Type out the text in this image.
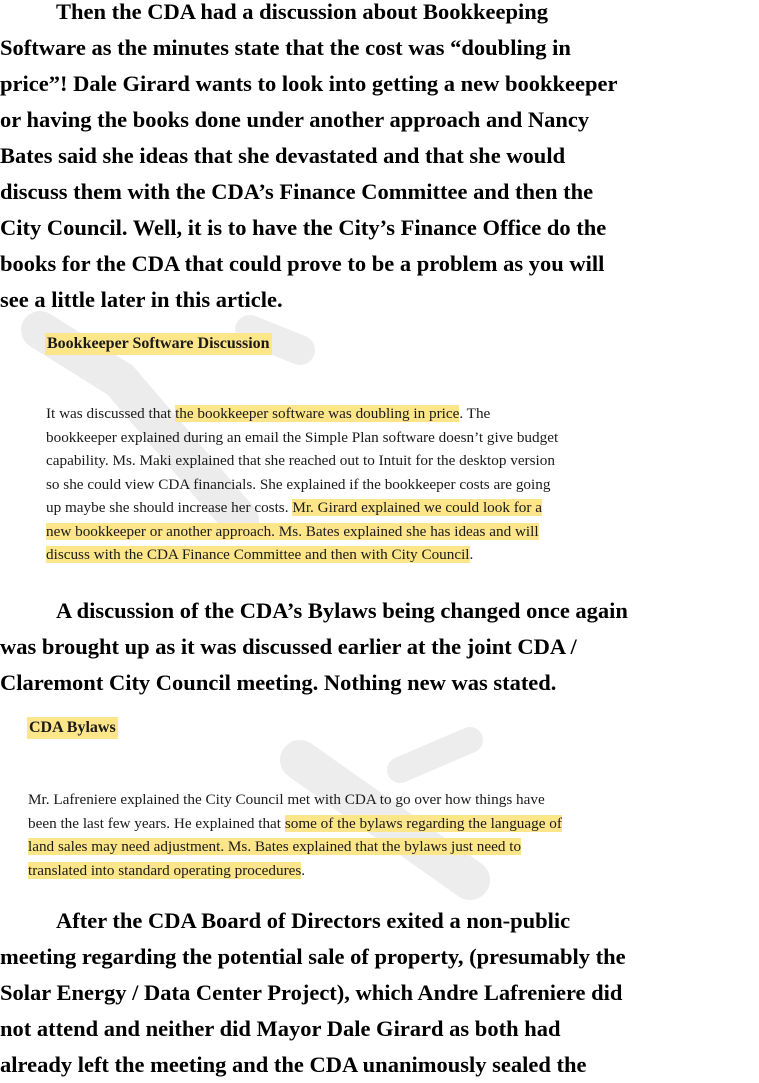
Then the CDA had a discussion about Bookkeeping
Software as the minutes state that the cost was “doubling in
price”! Dale Girard wants to look into getting a new bookkeeper
or having the books done under another approach and Nancy
Bates said she ideas that she devastated and that she would
discuss them with the CDA’s Finance Committee and then the
City Council. Well, it is to have the City’s Finance Office do the
books for the CDA that could prove to be a problem as you will
see a little later in this article.
Bookkeeper Software Discussion
It was discussed that the bookkeeper software was doubling in price. The
bookkeeper explained during an email the Simple Plan software doesn’t give budget
capability. Ms. Maki explained that she reached out to Intuit for the desktop version
so she could view CDA financials. She explained if the bookkeeper costs are going
up maybe she should increase her costs. Mr. Girard explained we could look for a
new bookkeeper or another approach. Ms. Bates explained she has ideas and will
discuss with the CDA Finance Committee and then with City Council.
A discussion of the CDA’s Bylaws being changed once again
was brought up as it was discussed earlier at the joint CDA /
Claremont City Council meeting. Nothing new was stated.
CDA Bylaws
Mr. Lafreniere explained the City Council met with CDA to go over how things have
been the last few years. He explained that some of the bylaws regarding the language of
land sales may need adjustment. Ms. Bates explained that the bylaws just need to
translated into standard operating procedures.
After the CDA Board of Directors exited a non-public
meeting regarding the potential sale of property, (presumably the
Solar Energy / Data Center Project), which Andre Lafreniere did
not attend and neither did Mayor Dale Girard as both had
already left the meeting and the CDA unanimously sealed the
